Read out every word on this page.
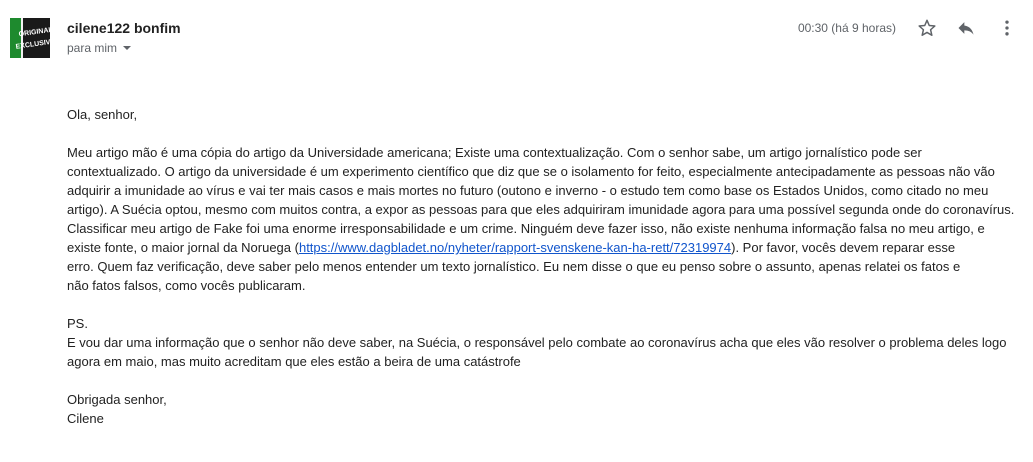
ORIGINAL
EXCLUSIVO
cilene122 bonfim
para mim
00:30 (há 9 horas)

Ola, senhor,

Meu artigo mão é uma cópia do artigo da Universidade americana; Existe uma contextualização. Com o senhor sabe, um artigo jornalístico pode ser

contextualizado. O artigo da universidade é um experimento científico que diz que se o isolamento for feito, especialmente antecipadamente as pessoas não vão

adquirir a imunidade ao vírus e vai ter mais casos e mais mortes no futuro (outono e inverno - o estudo tem como base os Estados Unidos, como citado no meu

artigo). A Suécia optou, mesmo com muitos contra, a expor as pessoas para que eles adquiriram imunidade agora para uma possível segunda onde do coronavírus.

Classificar meu artigo de Fake foi uma enorme irresponsabilidade e um crime. Ninguém deve fazer isso, não existe nenhuma informação falsa no meu artigo, e

existe fonte, o maior jornal da Noruega (https://www.dagbladet.no/nyheter/rapport-svenskene-kan-ha-rett/72319974). Por favor, vocês devem reparar esse

erro. Quem faz verificação, deve saber pelo menos entender um texto jornalístico. Eu nem disse o que eu penso sobre o assunto, apenas relatei os fatos e

não fatos falsos, como vocês publicaram.

PS.

E vou dar uma informação que o senhor não deve saber, na Suécia, o responsável pelo combate ao coronavírus acha que eles vão resolver o problema deles logo

agora em maio, mas muito acreditam que eles estão a beira de uma catástrofe

Obrigada senhor,

Cilene
